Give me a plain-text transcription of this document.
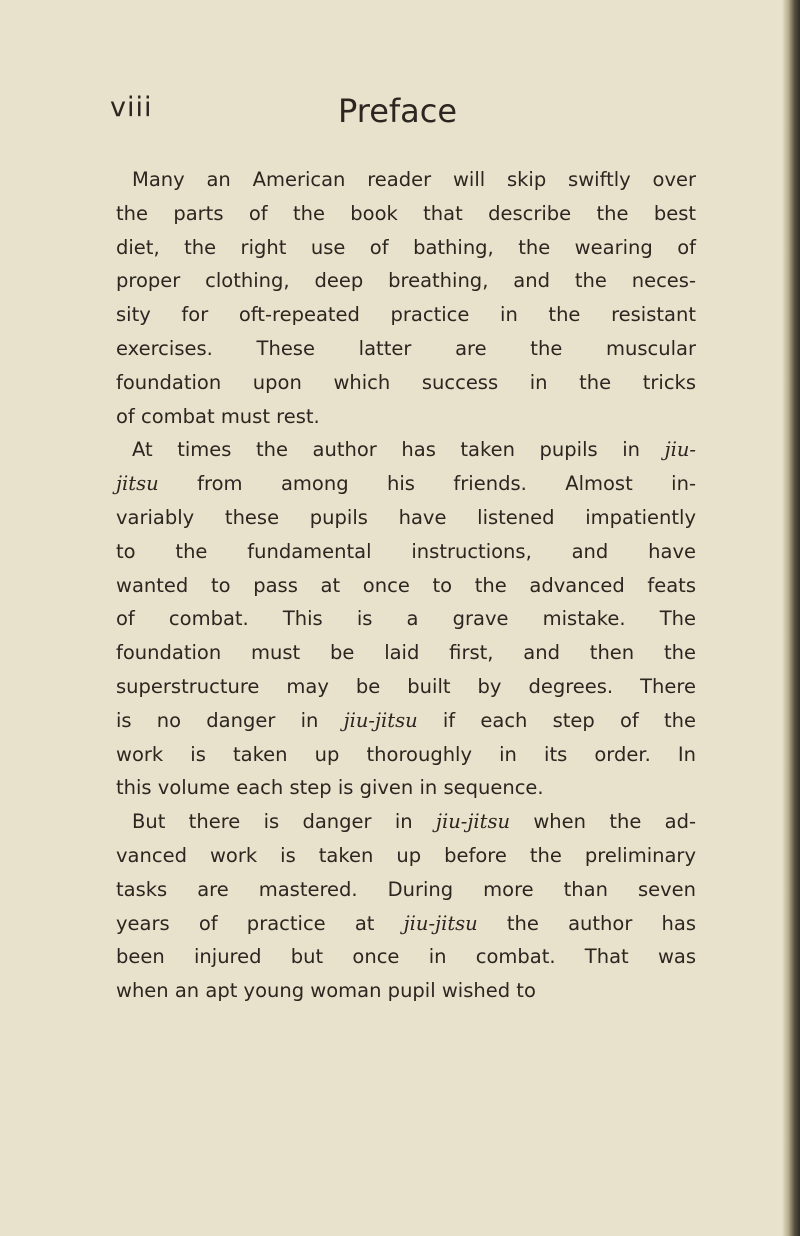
viii	Preface
Many an American reader will skip swiftly over
the parts of the book that describe the best
diet, the right use of bathing, the wearing of
proper clothing, deep breathing, and the neces-
sity for oft-repeated practice in the resistant
exercises. These latter are the muscular
foundation upon which success in the tricks
of combat must rest.
At times the author has taken pupils in jiu-
jitsu from among his friends. Almost in-
variably these pupils have listened impatiently
to the fundamental instructions, and have
wanted to pass at once to the advanced feats
of combat. This is a grave mistake. The
foundation must be laid first, and then the
superstructure may be built by degrees. There
is no danger in jiu-jitsu if each step of the
work is taken up thoroughly in its order. In
this volume each step is given in sequence.
But there is danger in jiu-jitsu when the ad-
vanced work is taken up before the preliminary
tasks are mastered. During more than seven
years of practice at jiu-jitsu the author has
been injured but once in combat. That was
when an apt young woman pupil wished to
